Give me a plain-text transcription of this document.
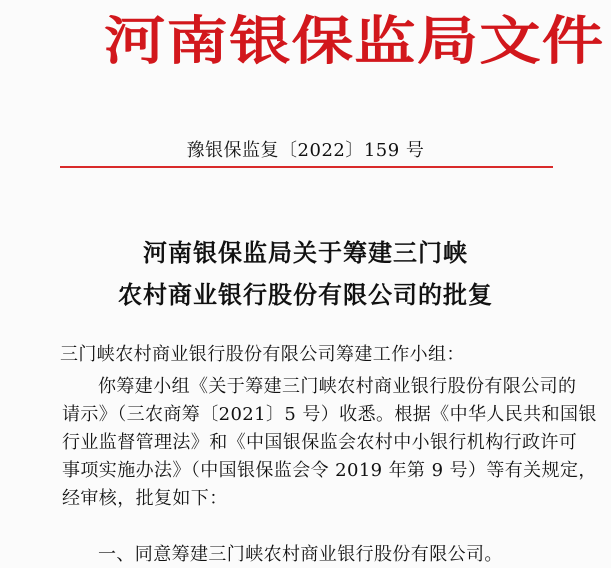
河南银保监局文件
豫银保监复〔2022〕159 号
河南银保监局关于筹建三门峡
农村商业银行股份有限公司的批复
三门峡农村商业银行股份有限公司筹建工作小组：
你筹建小组《关于筹建三门峡农村商业银行股份有限公司的
请示》（三农商筹〔2021〕5 号）收悉。根据《中华人民共和国银
行业监督管理法》和《中国银保监会农村中小银行机构行政许可
事项实施办法》（中国银保监会令 2019 年第 9 号）等有关规定，
经审核，批复如下：
一、同意筹建三门峡农村商业银行股份有限公司。
